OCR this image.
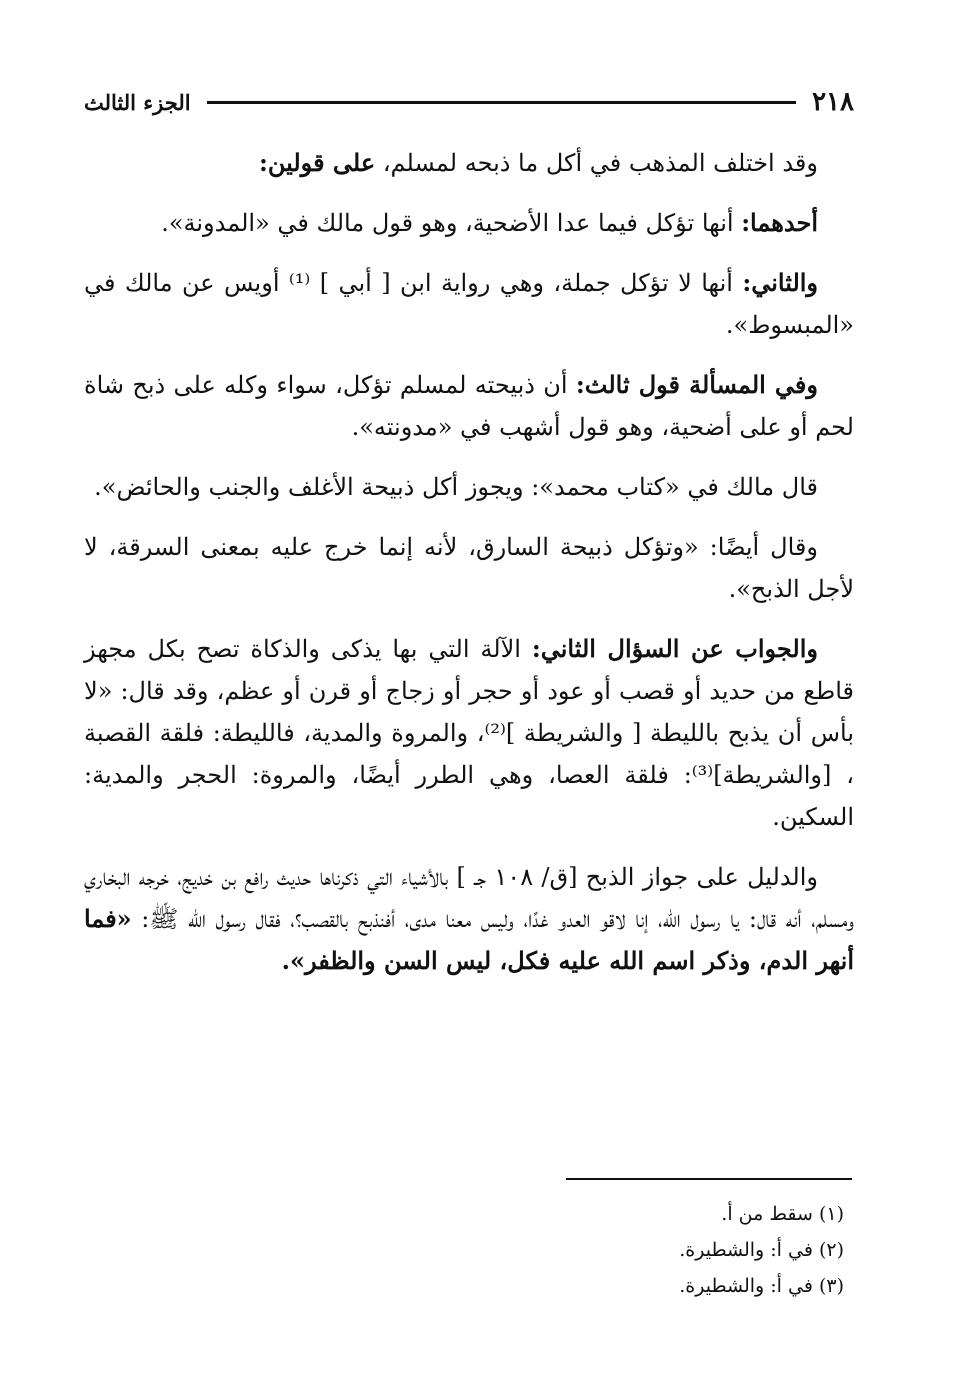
٢١٨
الجزء الثالث

وقد اختلف المذهب في أكل ما ذبحه لمسلم، على قولين:

أحدهما: أنها تؤكل فيما عدا الأضحية، وهو قول مالك في «المدونة».

والثاني: أنها لا تؤكل جملة، وهي رواية ابن [ أبي ] ⁽¹⁾ أويس عن مالك في «المبسوط».

وفي المسألة قول ثالث: أن ذبيحته لمسلم تؤكل، سواء وكله على ذبح شاة لحم أو على أضحية، وهو قول أشهب في «مدونته».

قال مالك في «كتاب محمد»: ويجوز أكل ذبيحة الأغلف والجنب والحائض».

وقال أيضًا: «وتؤكل ذبيحة السارق، لأنه إنما خرج عليه بمعنى السرقة، لا لأجل الذبح».

والجواب عن السؤال الثاني: الآلة التي بها يذكى والذكاة تصح بكل مجهز قاطع من حديد أو قصب أو عود أو حجر أو زجاج أو قرن أو عظم، وقد قال: «لا بأس أن يذبح بالليطة [ والشريطة ]⁽²⁾، والمروة والمدية، فالليطة: فلقة القصبة ، [والشريطة]⁽³⁾: فلقة العصا، وهي الطرر أيضًا، والمروة: الحجر والمدية: السكين.

والدليل على جواز الذبح [ق/ ١٠٨ جـ ] بالأشياء التي ذكرناها حديث رافع بن خديج، خرجه البخاري ومسلم، أنه قال: يا رسول الله، إنا لاقو العدو غدًا، وليس معنا مدى، أفنذبح بالقصب؟، فقال رسول الله ﷺ: «فما أنهر الدم، وذكر اسم الله عليه فكل، ليس السن والظفر».

(١) سقط من أ.
(٢) في أ: والشطيرة.
(٣) في أ: والشطيرة.
